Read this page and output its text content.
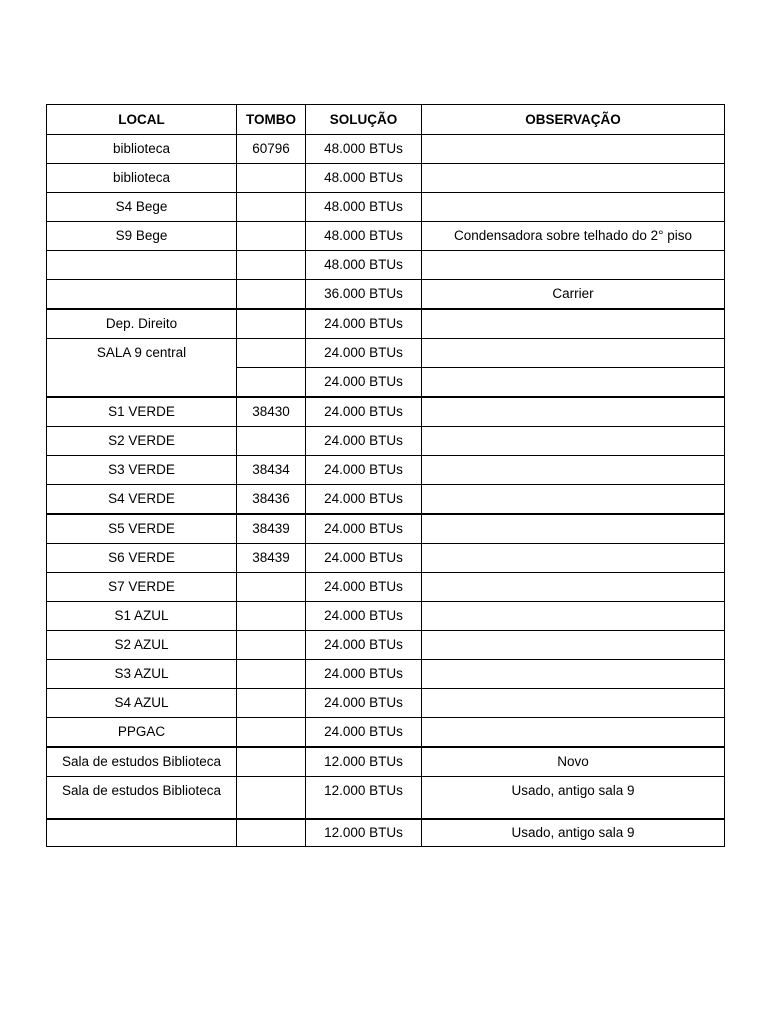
LOCAL	TOMBO	SOLUÇÃO	OBSERVAÇÃO
biblioteca	60796	48.000 BTUs	
biblioteca		48.000 BTUs	
S4 Bege		48.000 BTUs	
S9 Bege		48.000 BTUs	Condensadora sobre telhado do 2° piso
		48.000 BTUs	
		36.000 BTUs	Carrier
Dep. Direito		24.000 BTUs	
SALA 9 central		24.000 BTUs	
		24.000 BTUs	
S1 VERDE	38430	24.000 BTUs	
S2 VERDE		24.000 BTUs	
S3 VERDE	38434	24.000 BTUs	
S4 VERDE	38436	24.000 BTUs	
S5 VERDE	38439	24.000 BTUs	
S6 VERDE	38439	24.000 BTUs	
S7 VERDE		24.000 BTUs	
S1 AZUL		24.000 BTUs	
S2 AZUL		24.000 BTUs	
S3 AZUL		24.000 BTUs	
S4 AZUL		24.000 BTUs	
PPGAC		24.000 BTUs	
Sala de estudos Biblioteca		12.000 BTUs	Novo
Sala de estudos Biblioteca		12.000 BTUs	Usado, antigo sala 9
		12.000 BTUs	Usado, antigo sala 9
